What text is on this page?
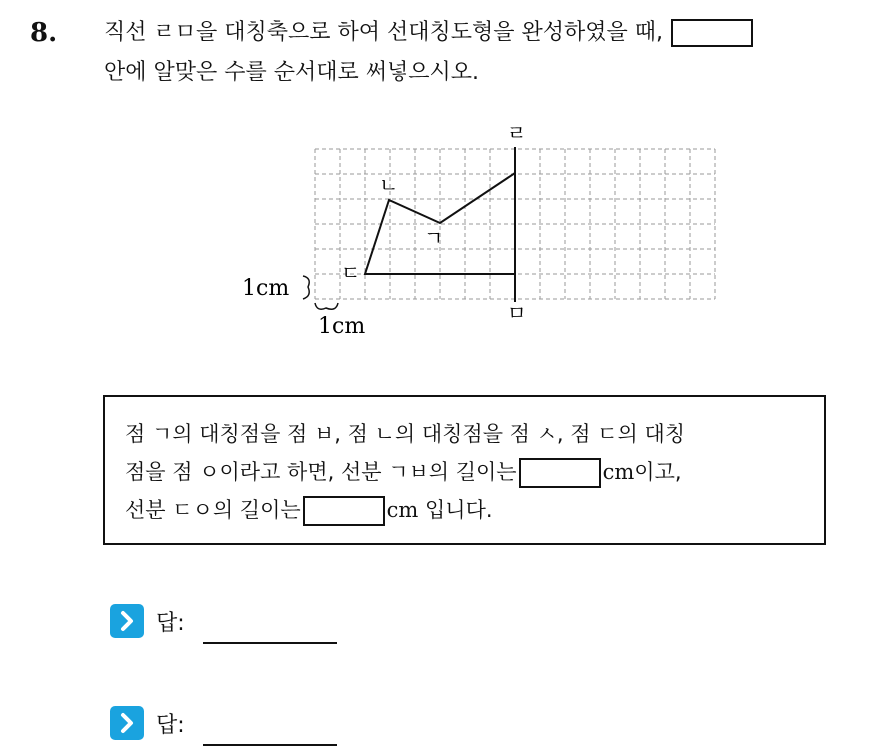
8. 직선 ㄹㅁ을 대칭축으로 하여 선대칭도형을 완성하였을 때,
안에 알맞은 수를 순서대로 써넣으시오.
ㄹ
ㅁ
ㄱ
ㄴ
ㄷ
1cm
1cm
점 ㄱ의 대칭점을 점 ㅂ, 점 ㄴ의 대칭점을 점 ㅅ, 점 ㄷ의 대칭
점을 점 ㅇ이라고 하면, 선분 ㄱㅂ의 길이는	cm이고,
선분 ㄷㅇ의 길이는	cm 입니다.
답:
답:
